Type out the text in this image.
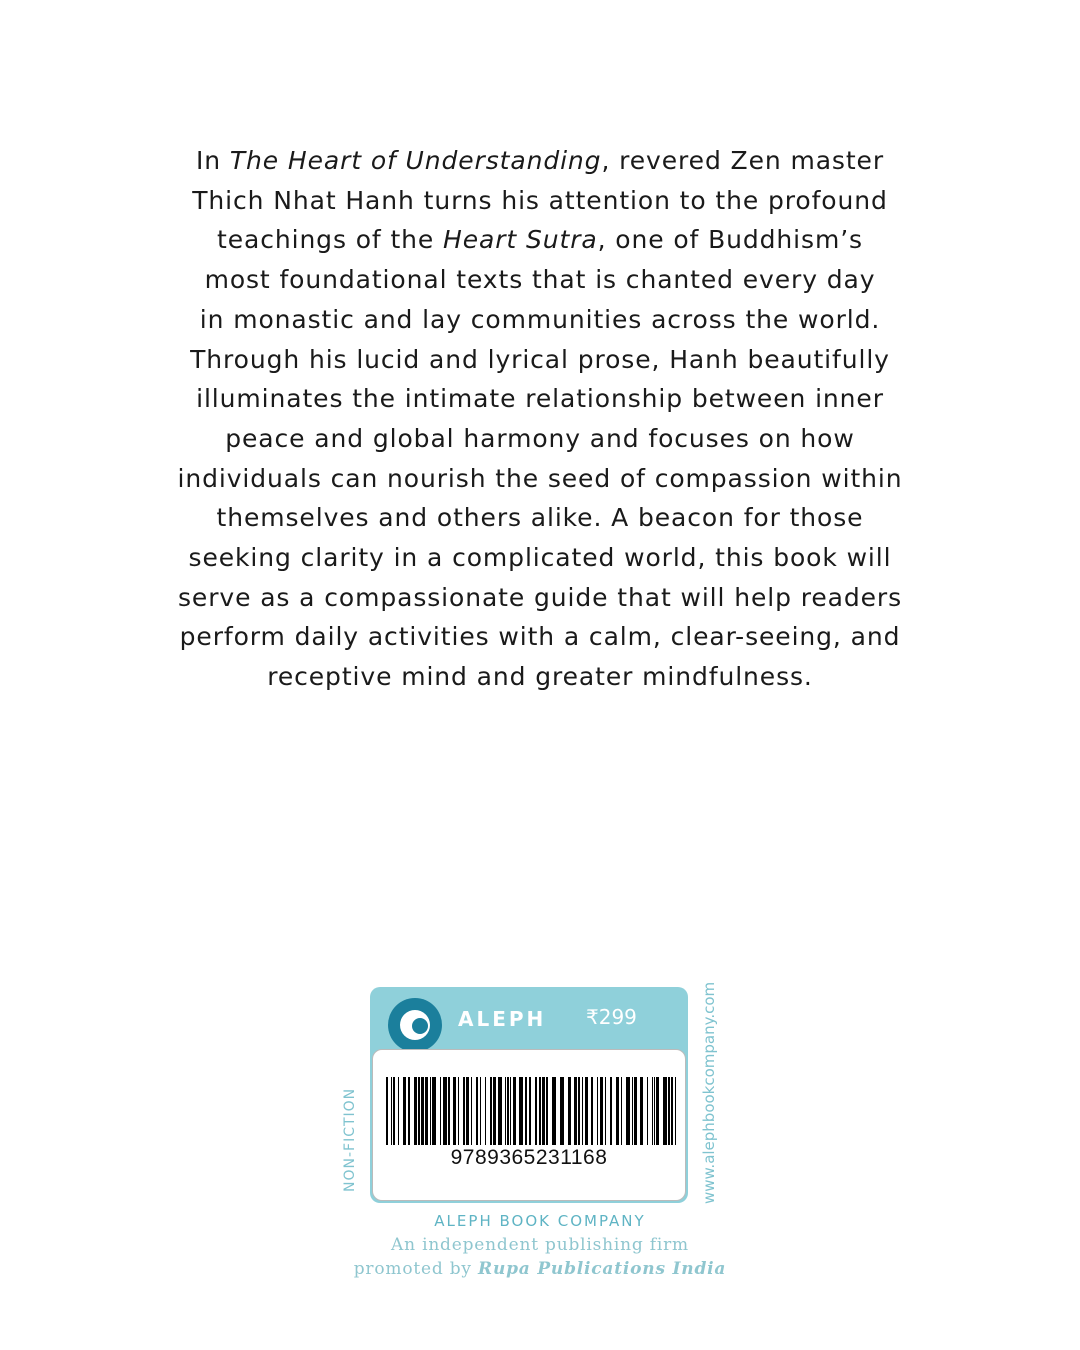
In The Heart of Understanding, revered Zen master
Thich Nhat Hanh turns his attention to the profound
teachings of the Heart Sutra, one of Buddhism’s
most foundational texts that is chanted every day
in monastic and lay communities across the world.
Through his lucid and lyrical prose, Hanh beautifully
illuminates the intimate relationship between inner
peace and global harmony and focuses on how
individuals can nourish the seed of compassion within
themselves and others alike. A beacon for those
seeking clarity in a complicated world, this book will
serve as a compassionate guide that will help readers
perform daily activities with a calm, clear-seeing, and
receptive mind and greater mindfulness.
ALEPH ₹299
9789365231168
NON-FICTION	www.alephbookcompany.com
ALEPH BOOK COMPANY
An independent publishing firm
promoted by Rupa Publications India
